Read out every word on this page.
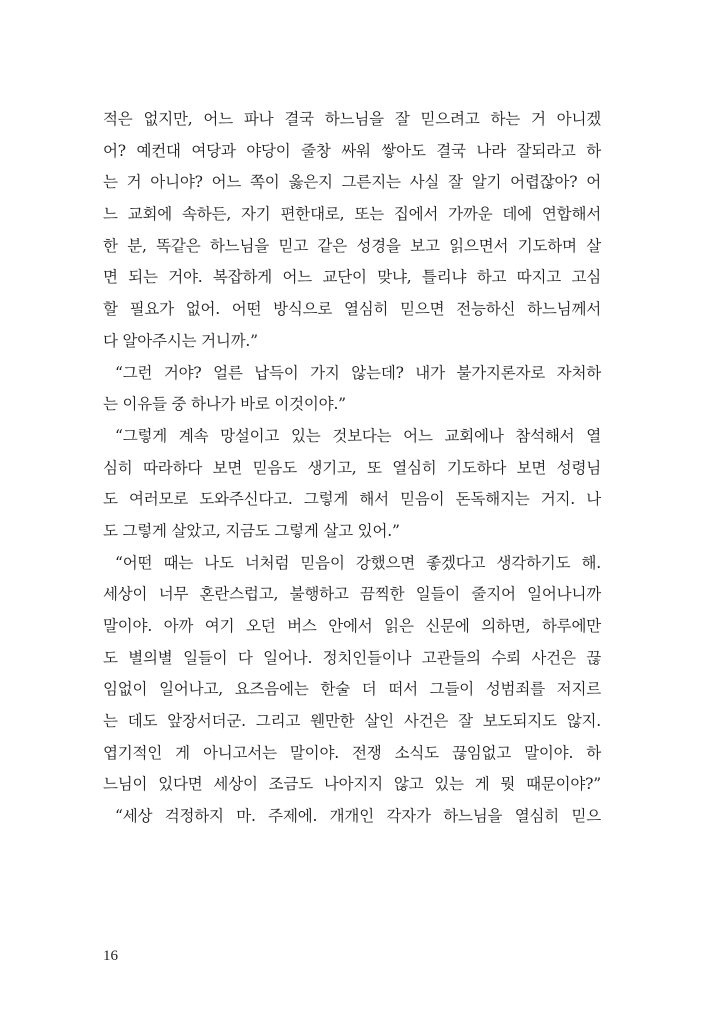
적은 없지만, 어느 파나 결국 하느님을 잘 믿으려고 하는 거 아니겠
어? 예컨대 여당과 야당이 줄창 싸워 쌓아도 결국 나라 잘되라고 하
는 거 아니야? 어느 쪽이 옳은지 그른지는 사실 잘 알기 어렵잖아? 어
느 교회에 속하든, 자기 편한대로, 또는 집에서 가까운 데에 연합해서
한 분, 똑같은 하느님을 믿고 같은 성경을 보고 읽으면서 기도하며 살
면 되는 거야. 복잡하게 어느 교단이 맞냐, 틀리냐 하고 따지고 고심
할 필요가 없어. 어떤 방식으로 열심히 믿으면 전능하신 하느님께서
다 알아주시는 거니까.”
“그런 거야? 얼른 납득이 가지 않는데? 내가 불가지론자로 자처하
는 이유들 중 하나가 바로 이것이야.”
“그렇게 계속 망설이고 있는 것보다는 어느 교회에나 참석해서 열
심히 따라하다 보면 믿음도 생기고, 또 열심히 기도하다 보면 성령님
도 여러모로 도와주신다고. 그렇게 해서 믿음이 돈독해지는 거지. 나
도 그렇게 살았고, 지금도 그렇게 살고 있어.”
“어떤 때는 나도 너처럼 믿음이 강했으면 좋겠다고 생각하기도 해.
세상이 너무 혼란스럽고, 불행하고 끔찍한 일들이 줄지어 일어나니까
말이야. 아까 여기 오던 버스 안에서 읽은 신문에 의하면, 하루에만
도 별의별 일들이 다 일어나. 정치인들이나 고관들의 수뢰 사건은 끊
임없이 일어나고, 요즈음에는 한술 더 떠서 그들이 성범죄를 저지르
는 데도 앞장서더군. 그리고 웬만한 살인 사건은 잘 보도되지도 않지.
엽기적인 게 아니고서는 말이야. 전쟁 소식도 끊임없고 말이야. 하
느님이 있다면 세상이 조금도 나아지지 않고 있는 게 뭣 때문이야?”
“세상 걱정하지 마. 주제에. 개개인 각자가 하느님을 열심히 믿으
16
